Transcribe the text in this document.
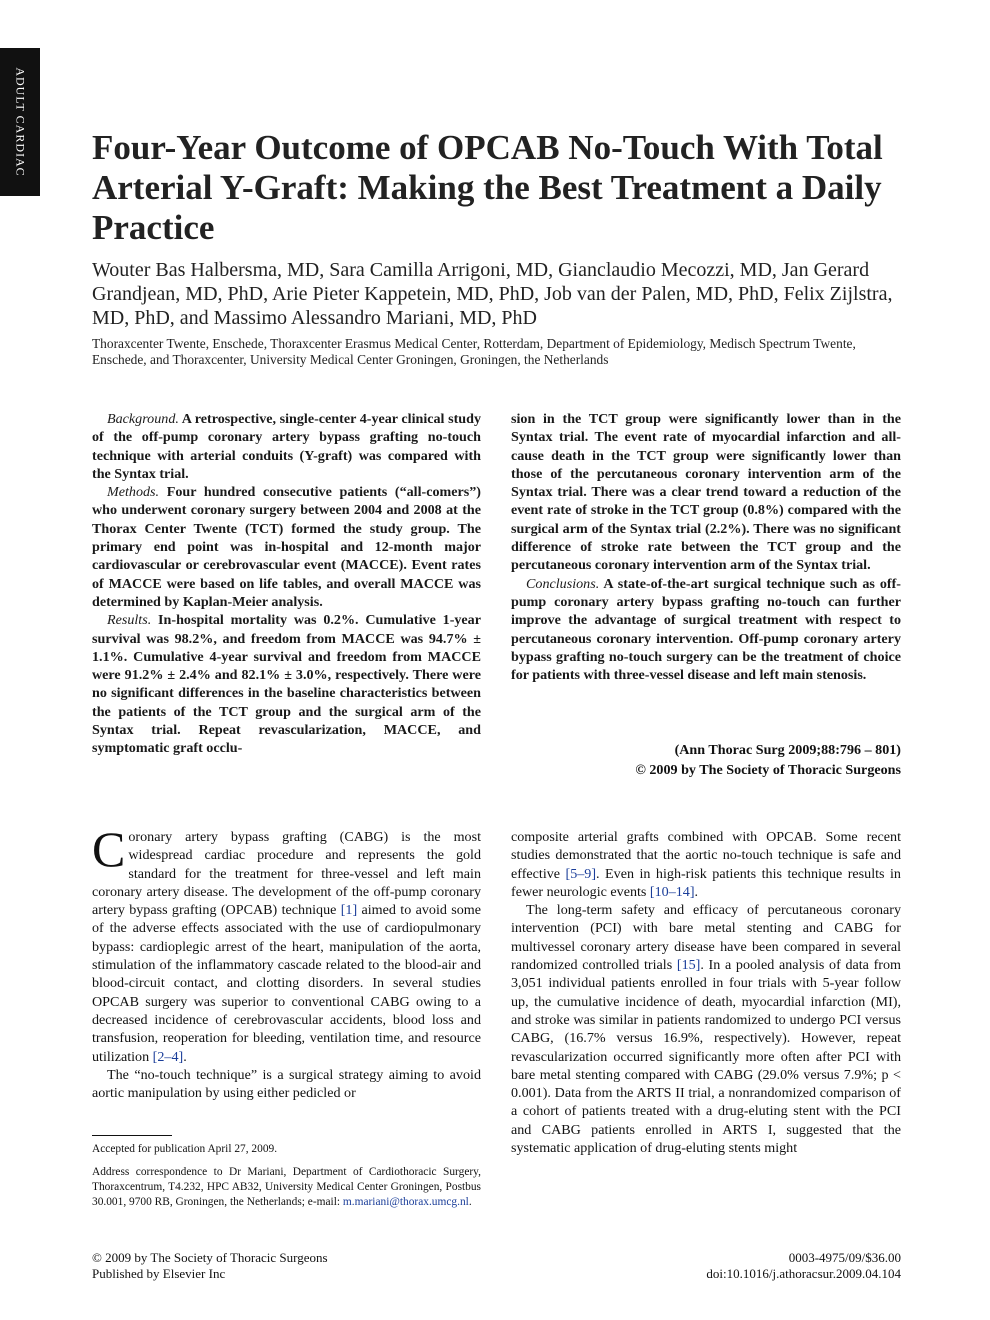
ADULT CARDIAC Four-Year Outcome of OPCAB No-Touch With Total Arterial Y-Graft: Making the Best Treatment a Daily Practice

Wouter Bas Halbersma, MD, Sara Camilla Arrigoni, MD, Gianclaudio Mecozzi, MD, Jan Gerard Grandjean, MD, PhD, Arie Pieter Kappetein, MD, PhD, Job van der Palen, MD, PhD, Felix Zijlstra, MD, PhD, and Massimo Alessandro Mariani, MD, PhD

Thoraxcenter Twente, Enschede, Thoraxcenter Erasmus Medical Center, Rotterdam, Department of Epidemiology, Medisch Spectrum Twente, Enschede, and Thoraxcenter, University Medical Center Groningen, Groningen, the Netherlands

Background. A retrospective, single-center 4-year clinical study of the off-pump coronary artery bypass grafting no-touch technique with arterial conduits (Y-graft) was compared with the Syntax trial.

Methods. Four hundred consecutive patients (“all-comers”) who underwent coronary surgery between 2004 and 2008 at the Thorax Center Twente (TCT) formed the study group. The primary end point was in-hospital and 12-month major cardiovascular or cerebrovascular event (MACCE). Event rates of MACCE were based on life tables, and overall MACCE was determined by Kaplan-Meier analysis.

Results. In-hospital mortality was 0.2%. Cumulative 1-year survival was 98.2%, and freedom from MACCE was 94.7% ± 1.1%. Cumulative 4-year survival and freedom from MACCE were 91.2% ± 2.4% and 82.1% ± 3.0%, respectively. There were no significant differences in the baseline characteristics between the patients of the TCT group and the surgical arm of the Syntax trial. Repeat revascularization, MACCE, and symptomatic graft occlu-

sion in the TCT group were significantly lower than in the Syntax trial. The event rate of myocardial infarction and all-cause death in the TCT group were significantly lower than those of the percutaneous coronary intervention arm of the Syntax trial. There was a clear trend toward a reduction of the event rate of stroke in the TCT group (0.8%) compared with the surgical arm of the Syntax trial (2.2%). There was no significant difference of stroke rate between the TCT group and the percutaneous coronary intervention arm of the Syntax trial.

Conclusions. A state-of-the-art surgical technique such as off-pump coronary artery bypass grafting no-touch can further improve the advantage of surgical treatment with respect to percutaneous coronary intervention. Off-pump coronary artery bypass grafting no-touch surgery can be the treatment of choice for patients with three-vessel disease and left main stenosis.

(Ann Thorac Surg 2009;88:796 – 801)
© 2009 by The Society of Thoracic Surgeons

Coronary artery bypass grafting (CABG) is the most widespread cardiac procedure and represents the gold standard for the treatment for three-vessel and left main coronary artery disease. The development of the off-pump coronary artery bypass grafting (OPCAB) technique [1] aimed to avoid some of the adverse effects associated with the use of cardiopulmonary bypass: cardioplegic arrest of the heart, manipulation of the aorta, stimulation of the inflammatory cascade related to the blood-air and blood-circuit contact, and clotting disorders. In several studies OPCAB surgery was superior to conventional CABG owing to a decreased incidence of cerebrovascular accidents, blood loss and transfusion, reoperation for bleeding, ventilation time, and resource utilization [2–4].

The “no-touch technique” is a surgical strategy aiming to avoid aortic manipulation by using either pedicled or

composite arterial grafts combined with OPCAB. Some recent studies demonstrated that the aortic no-touch technique is safe and effective [5–9]. Even in high-risk patients this technique results in fewer neurologic events [10–14].

The long-term safety and efficacy of percutaneous coronary intervention (PCI) with bare metal stenting and CABG for multivessel coronary artery disease have been compared in several randomized controlled trials [15]. In a pooled analysis of data from 3,051 individual patients enrolled in four trials with 5-year follow up, the cumulative incidence of death, myocardial infarction (MI), and stroke was similar in patients randomized to undergo PCI versus CABG, (16.7% versus 16.9%, respectively). However, repeat revascularization occurred significantly more often after PCI with bare metal stenting compared with CABG (29.0% versus 7.9%; p < 0.001). Data from the ARTS II trial, a nonrandomized comparison of a cohort of patients treated with a drug-eluting stent with the PCI and CABG patients enrolled in ARTS I, suggested that the systematic application of drug-eluting stents might

Accepted for publication April 27, 2009.

Address correspondence to Dr Mariani, Department of Cardiothoracic Surgery, Thoraxcentrum, T4.232, HPC AB32, University Medical Center Groningen, Postbus 30.001, 9700 RB, Groningen, the Netherlands; e-mail: m.mariani@thorax.umcg.nl.

© 2009 by The Society of Thoracic Surgeons
Published by Elsevier Inc
0003-4975/09/$36.00
doi:10.1016/j.athoracsur.2009.04.104
